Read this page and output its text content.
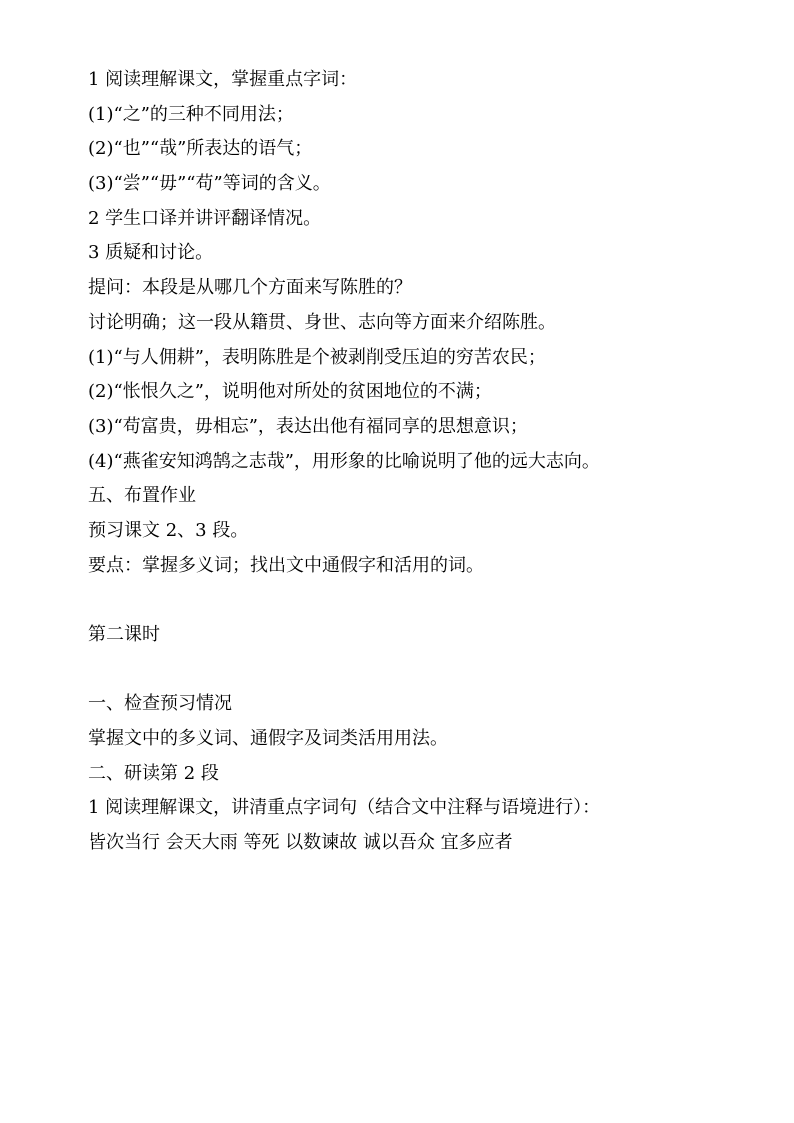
1 阅读理解课文，掌握重点字词：
(1)“之”的三种不同用法；
(2)“也”“哉”所表达的语气；
(3)“尝”“毋”“苟”等词的含义。
2 学生口译并讲评翻译情况。
3 质疑和讨论。
提问：本段是从哪几个方面来写陈胜的？
讨论明确；这一段从籍贯、身世、志向等方面来介绍陈胜。
(1)“与人佣耕”，表明陈胜是个被剥削受压迫的穷苦农民；
(2)“怅恨久之”，说明他对所处的贫困地位的不满；
(3)“苟富贵，毋相忘”，表达出他有福同享的思想意识；
(4)“燕雀安知鸿鹄之志哉”，用形象的比喻说明了他的远大志向。
五、布置作业
预习课文 2、3 段。
要点：掌握多义词；找出文中通假字和活用的词。
第二课时
一、检查预习情况
掌握文中的多义词、通假字及词类活用用法。
二、研读第 2 段
1 阅读理解课文，讲清重点字词句（结合文中注释与语境进行）：
皆次当行 会天大雨 等死 以数谏故 诚以吾众 宜多应者
